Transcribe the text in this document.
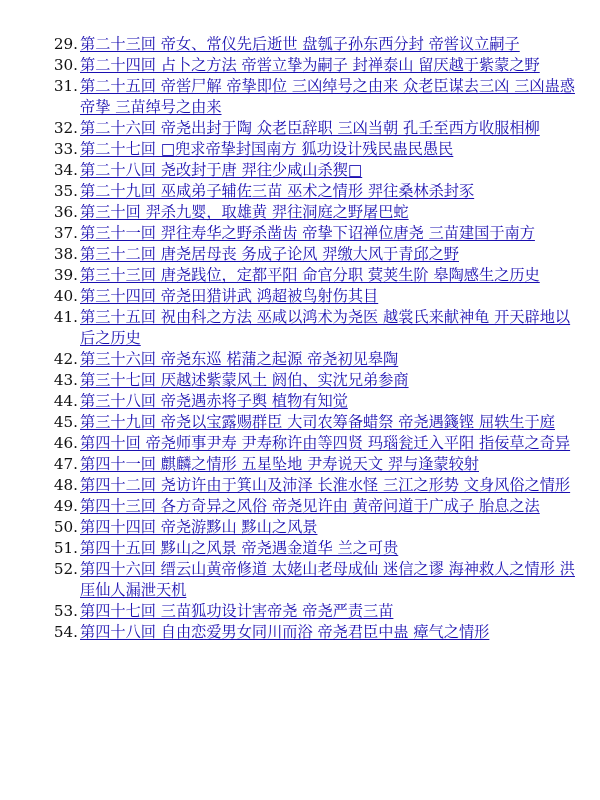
29. 第二十三回 帝女、常仪先后逝世 盘瓠子孙东西分封 帝喾议立嗣子
30. 第二十四回 占卜之方法 帝喾立挚为嗣子 封禅泰山 留厌越于紫蒙之野
31. 第二十五回 帝喾尸解 帝挚即位 三凶绰号之由来 众老臣谋去三凶 三凶蛊惑帝挚 三苗绰号之由来
32. 第二十六回 帝尧出封于陶 众老臣辞职 三凶当朝 孔壬至西方收服相柳
33. 第二十七回 □兜求帝挚封国南方 狐功设计残民蛊民愚民
34. 第二十八回 尧改封于唐 羿往少咸山杀猰□
35. 第二十九回 巫咸弟子辅佐三苗 巫术之情形 羿往桑林杀封豕
36. 第三十回 羿杀九婴，取雄黄 羿往洞庭之野屠巴蛇
37. 第三十一回 羿往寿华之野杀凿齿 帝挚下诏禅位唐尧 三苗建国于南方
38. 第三十二回 唐尧居母丧 务成子论风 羿缴大风于青邱之野
39. 第三十三回 唐尧践位，定都平阳 命官分职 蓂荚生阶 皋陶感生之历史
40. 第三十四回 帝尧田猎讲武 鸿超被鸟射伤其目
41. 第三十五回 祝由科之方法 巫咸以鸿术为尧医 越裳氏来献神龟 开天辟地以后之历史
42. 第三十六回 帝尧东巡 楉蒲之起源 帝尧初见皋陶
43. 第三十七回 厌越述紫蒙风土 阏伯、实沈兄弟参商
44. 第三十八回 帝尧遇赤将子舆 植物有知觉
45. 第三十九回 帝尧以宝露赐群臣 大司农筹备蜡祭 帝尧遇籛铿 屈轶生于庭
46. 第四十回 帝尧师事尹寿 尹寿称许由等四贤 玛瑙瓮迁入平阳 指佞草之奇异
47. 第四十一回 麒麟之情形 五星坠地 尹寿说天文 羿与逢蒙较射
48. 第四十二回 尧访许由于箕山及沛泽 长淮水怪 三江之形势 文身风俗之情形
49. 第四十三回 各方奇异之风俗 帝尧见许由 黄帝问道于广成子 胎息之法
50. 第四十四回 帝尧游黟山 黟山之风景
51. 第四十五回 黟山之风景 帝尧遇金道华 兰之可贵
52. 第四十六回 缙云山黄帝修道 太姥山老母成仙 迷信之谬 海神救人之情形 洪厓仙人漏泄天机
53. 第四十七回 三苗狐功设计害帝尧 帝尧严责三苗
54. 第四十八回 自由恋爱男女同川而浴 帝尧君臣中蛊 瘴气之情形
